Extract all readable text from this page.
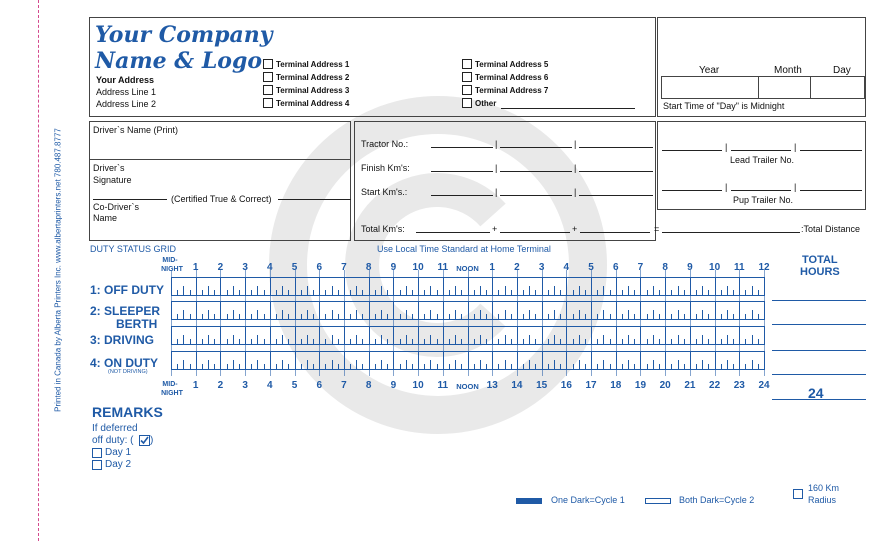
Printed in Canada by Alberta Printers Inc. www.albertaprinters.net 780.487.8777
Your Company
Name & Logo
Your Address
Address Line 1
Address Line 2
Terminal Address 1
Terminal Address 2
Terminal Address 3
Terminal Address 4
Terminal Address 5
Terminal Address 6
Terminal Address 7
Other
Year	Month	Day
Start Time of "Day" is Midnight
Driver`s Name (Print)
Driver`s
Signature
(Certified True & Correct)
Co-Driver`s
Name
Tractor No.:	|	|
Finish Km's:	|	|
Start Km's.:	|	|
Total Km's:	+	+	=	:Total Distance
|	|
Lead Trailer No.
|	|
Pup Trailer No.
DUTY STATUS GRID	Use Local Time Standard at Home Terminal
MID-
NIGHT 1 2 3 4 5 6 7 8 9 10 11 NOON 1 2 3 4 5 6 7 8 9 10 11 12
1 2 3 4 5 6 7 8 9 10 11 NOON 13 14 15 16 17 18 19 20 21 22 23 24
MID-
NIGHT
1: OFF DUTY
2: SLEEPER
BERTH
3: DRIVING
4: ON DUTY
(NOT DRIVING)
TOTAL
HOURS
24
REMARKS
If deferred
off duty: ( )
Day 1
Day 2
One Dark=Cycle 1	Both Dark=Cycle 2
160 Km
Radius
